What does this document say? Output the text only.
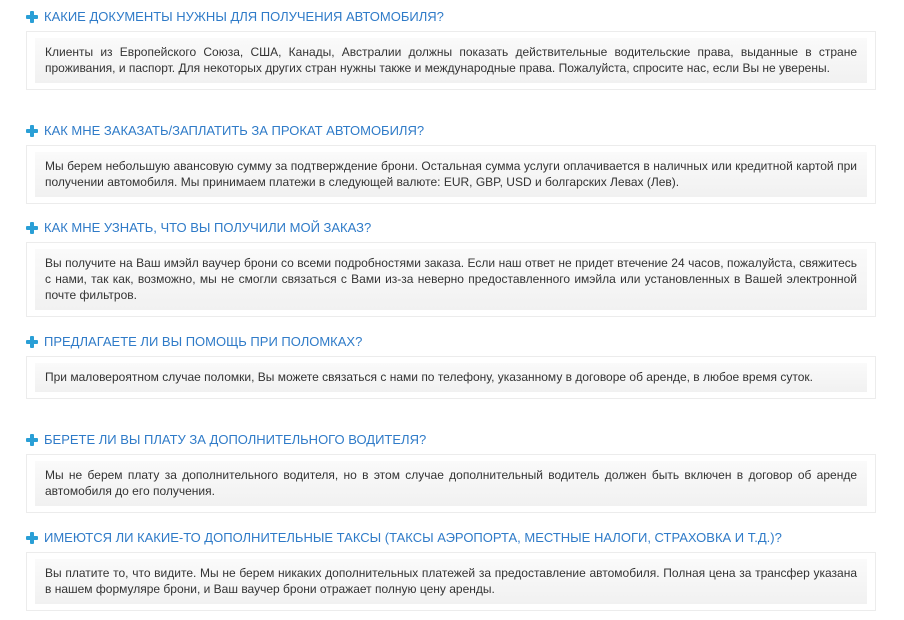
КАКИЕ ДОКУМЕНТЫ НУЖНЫ ДЛЯ ПОЛУЧЕНИЯ АВТОМОБИЛЯ?

Клиенты из Европейского Союза, США, Канады, Австралии должны показать действительные водительские права, выданные в стране проживания, и паспорт. Для некоторых других стран нужны также и международные права. Пожалуйста, спросите нас, если Вы не уверены.

КАК МНЕ ЗАКАЗАТЬ/ЗАПЛАТИТЬ ЗА ПРОКАТ АВТОМОБИЛЯ?

Мы берем небольшую авансовую сумму за подтверждение брони. Остальная сумма услуги оплачивается в наличных или кредитной картой при получении автомобиля. Мы принимаем платежи в следующей валюте: EUR, GBP, USD и болгарских Левах (Лев).

КАК МНЕ УЗНАТЬ, ЧТО ВЫ ПОЛУЧИЛИ МОЙ ЗАКАЗ?

Вы получите на Ваш имэйл ваучер брони со всеми подробностями заказа. Если наш ответ не придет втечение 24 часов, пожалуйста, свяжитесь с нами, так как, возможно, мы не смогли связаться с Вами из-за неверно предоставленного имэйла или установленных в Вашей электронной почте фильтров.

ПРЕДЛАГАЕТЕ ЛИ ВЫ ПОМОЩЬ ПРИ ПОЛОМКАХ?

При маловероятном случае поломки, Вы можете связаться с нами по телефону, указанному в договоре об аренде, в любое время суток.

БЕРЕТЕ ЛИ ВЫ ПЛАТУ ЗА ДОПОЛНИТЕЛЬНОГО ВОДИТЕЛЯ?

Мы не берем плату за дополнительного водителя, но в этом случае дополнительный водитель должен быть включен в договор об аренде автомобиля до его получения.

ИМЕЮТСЯ ЛИ КАКИЕ-ТО ДОПОЛНИТЕЛЬНЫЕ ТАКСЫ (ТАКСЫ АЭРОПОРТА, МЕСТНЫЕ НАЛОГИ, СТРАХОВКА И Т.Д.)?

Вы платите то, что видите. Мы не берем никаких дополнительных платежей за предоставление автомобиля. Полная цена за трансфер указана в нашем формуляре брони, и Ваш ваучер брони отражает полную цену аренды.
